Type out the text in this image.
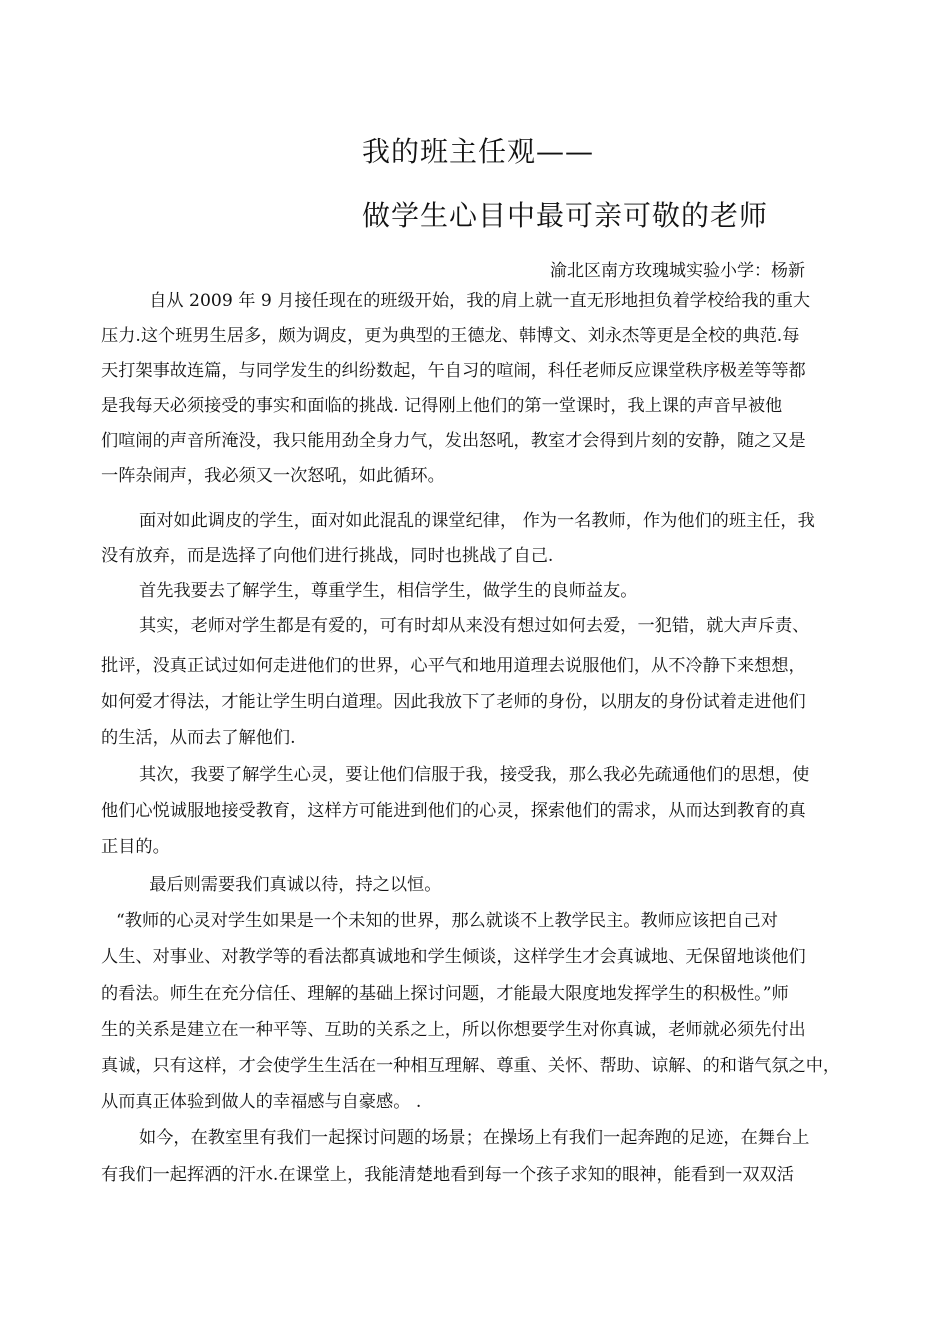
我的班主任观——
做学生心目中最可亲可敬的老师
渝北区南方玫瑰城实验小学：杨新
　自从 2009 年 9 月接任现在的班级开始，我的肩上就一直无形地担负着学校给我的重大
压力.这个班男生居多，颇为调皮，更为典型的王德龙、韩博文、刘永杰等更是全校的典范.每
天打架事故连篇，与同学发生的纠纷数起，午自习的喧闹，科任老师反应课堂秩序极差等等都
是我每天必须接受的事实和面临的挑战. 记得刚上他们的第一堂课时，我上课的声音早被他
们喧闹的声音所淹没，我只能用劲全身力气，发出怒吼，教室才会得到片刻的安静，随之又是
一阵杂闹声，我必须又一次怒吼，如此循环。
面对如此调皮的学生，面对如此混乱的课堂纪律， 作为一名教师，作为他们的班主任，我
没有放弃，而是选择了向他们进行挑战，同时也挑战了自己.
首先我要去了解学生，尊重学生，相信学生，做学生的良师益友。
其实，老师对学生都是有爱的，可有时却从来没有想过如何去爱，一犯错，就大声斥责、
批评，没真正试过如何走进他们的世界，心平气和地用道理去说服他们，从不冷静下来想想，
如何爱才得法，才能让学生明白道理。因此我放下了老师的身份，以朋友的身份试着走进他们
的生活，从而去了解他们.
其次，我要了解学生心灵，要让他们信服于我，接受我，那么我必先疏通他们的思想，使
他们心悦诚服地接受教育，这样方可能进到他们的心灵，探索他们的需求，从而达到教育的真
正目的。
　最后则需要我们真诚以待，持之以恒。
“教师的心灵对学生如果是一个未知的世界，那么就谈不上教学民主。教师应该把自己对
人生、对事业、对教学等的看法都真诚地和学生倾谈，这样学生才会真诚地、无保留地谈他们
的看法。师生在充分信任、理解的基础上探讨问题，才能最大限度地发挥学生的积极性。”师
生的关系是建立在一种平等、互助的关系之上，所以你想要学生对你真诚，老师就必须先付出
真诚，只有这样，才会使学生生活在一种相互理解、尊重、关怀、帮助、谅解、的和谐气氛之中，
从而真正体验到做人的幸福感与自豪感。 .
如今，在教室里有我们一起探讨问题的场景；在操场上有我们一起奔跑的足迹，在舞台上
有我们一起挥洒的汗水.在课堂上，我能清楚地看到每一个孩子求知的眼神，能看到一双双活
